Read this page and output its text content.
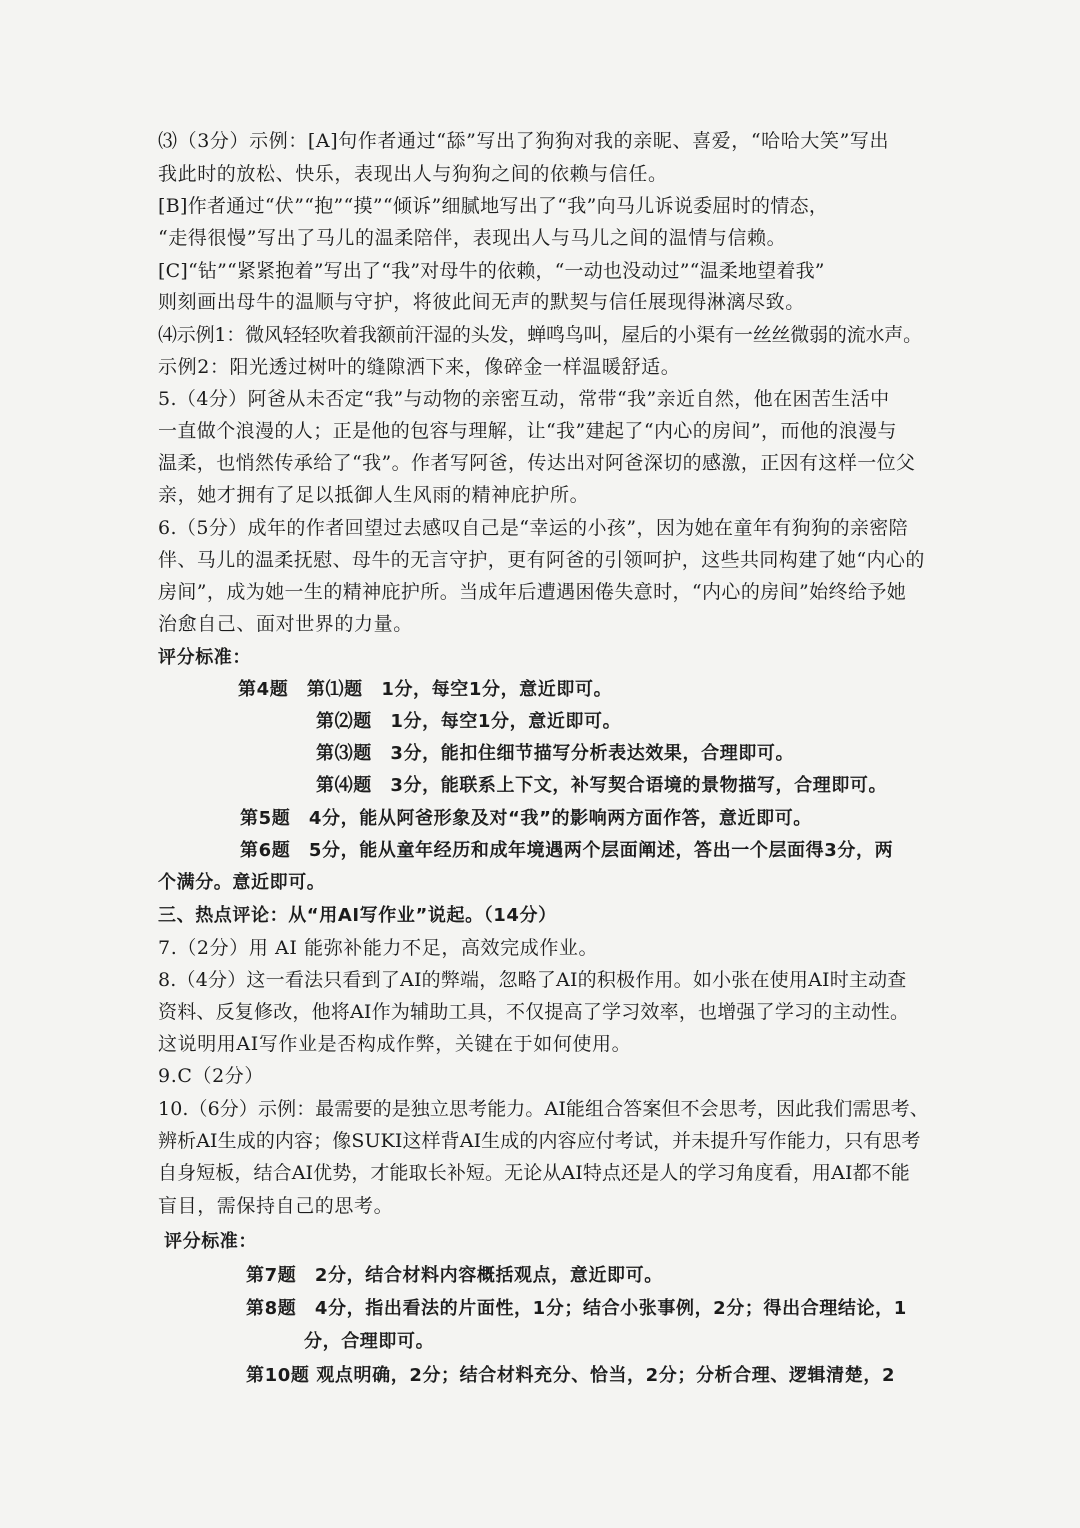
⑶（3分）示例：[A]句作者通过“舔”写出了狗狗对我的亲昵、喜爱，“哈哈大笑”写出
我此时的放松、快乐，表现出人与狗狗之间的依赖与信任。
[B]作者通过“伏”“抱”“摸”“倾诉”细腻地写出了“我”向马儿诉说委屈时的情态，
“走得很慢”写出了马儿的温柔陪伴，表现出人与马儿之间的温情与信赖。
[C]“钻”“紧紧抱着”写出了“我”对母牛的依赖，“一动也没动过”“温柔地望着我”
则刻画出母牛的温顺与守护，将彼此间无声的默契与信任展现得淋漓尽致。
⑷示例1：微风轻轻吹着我额前汗湿的头发，蝉鸣鸟叫，屋后的小渠有一丝丝微弱的流水声。
示例2：阳光透过树叶的缝隙洒下来，像碎金一样温暖舒适。
5.（4分）阿爸从未否定“我”与动物的亲密互动，常带“我”亲近自然，他在困苦生活中
一直做个浪漫的人；正是他的包容与理解，让“我”建起了“内心的房间”，而他的浪漫与
温柔，也悄然传承给了“我”。作者写阿爸，传达出对阿爸深切的感激，正因有这样一位父
亲，她才拥有了足以抵御人生风雨的精神庇护所。
6.（5分）成年的作者回望过去感叹自己是“幸运的小孩”，因为她在童年有狗狗的亲密陪
伴、马儿的温柔抚慰、母牛的无言守护，更有阿爸的引领呵护，这些共同构建了她“内心的
房间”，成为她一生的精神庇护所。当成年后遭遇困倦失意时，“内心的房间”始终给予她
治愈自己、面对世界的力量。
评分标准：
第4题　第⑴题　1分，每空1分，意近即可。
第⑵题　1分，每空1分，意近即可。
第⑶题　3分，能扣住细节描写分析表达效果，合理即可。
第⑷题　3分，能联系上下文，补写契合语境的景物描写，合理即可。
第5题　4分，能从阿爸形象及对“我”的影响两方面作答，意近即可。
第6题　5分，能从童年经历和成年境遇两个层面阐述，答出一个层面得3分，两
个满分。意近即可。
三、热点评论：从“用AI写作业”说起。（14分）
7.（2分）用 AI 能弥补能力不足，高效完成作业。
8.（4分）这一看法只看到了AI的弊端，忽略了AI的积极作用。如小张在使用AI时主动查
资料、反复修改，他将AI作为辅助工具，不仅提高了学习效率，也增强了学习的主动性。
这说明用AI写作业是否构成作弊，关键在于如何使用。
9.C（2分）
10.（6分）示例：最需要的是独立思考能力。AI能组合答案但不会思考，因此我们需思考、
辨析AI生成的内容；像SUKI这样背AI生成的内容应付考试，并未提升写作能力，只有思考
自身短板，结合AI优势，才能取长补短。无论从AI特点还是人的学习角度看，用AI都不能
盲目，需保持自己的思考。
评分标准：
第7题　2分，结合材料内容概括观点，意近即可。
第8题　4分，指出看法的片面性，1分；结合小张事例，2分；得出合理结论，1
分，合理即可。
第10题 观点明确，2分；结合材料充分、恰当，2分；分析合理、逻辑清楚，2
